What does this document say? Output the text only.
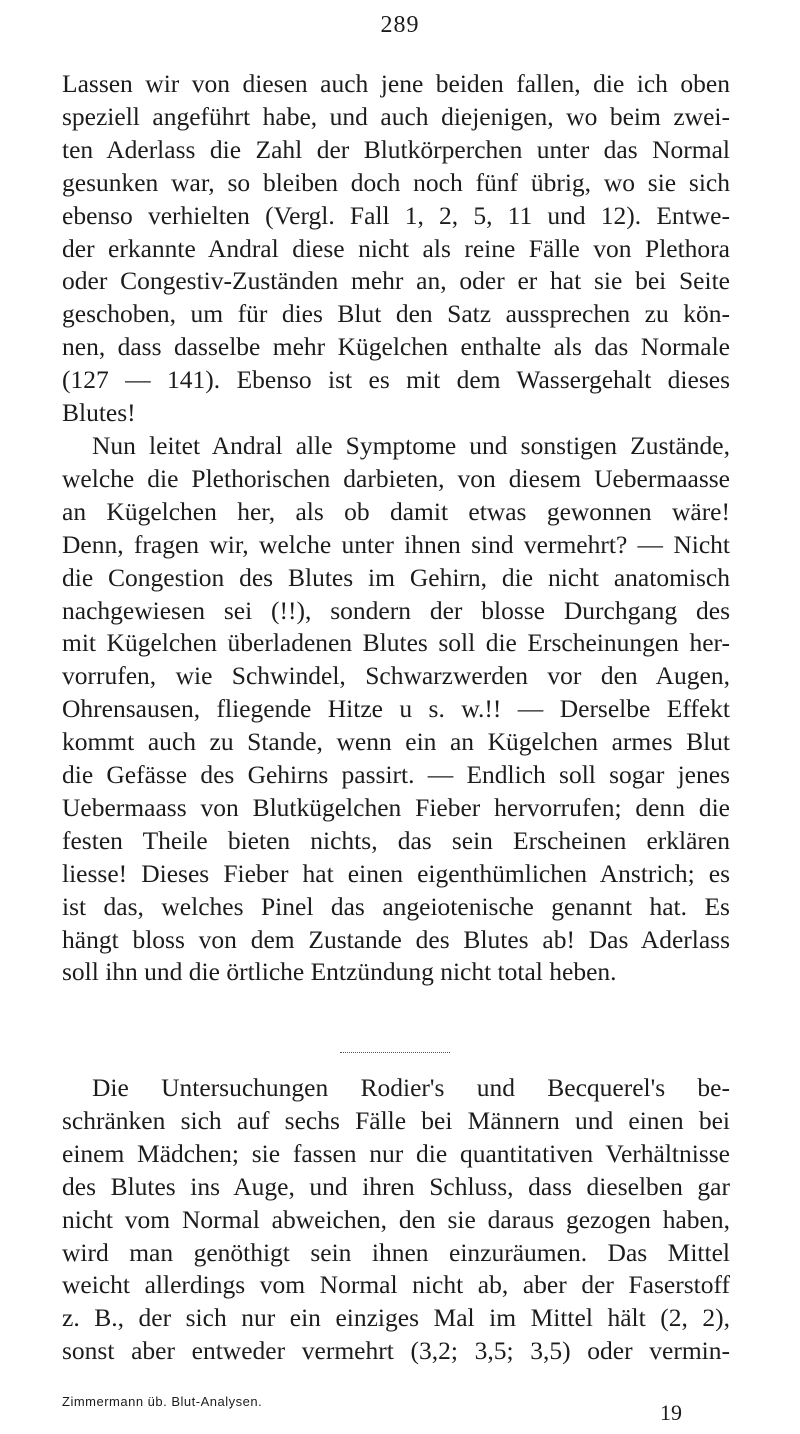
289
Lassen wir von diesen auch jene beiden fallen, die ich oben
speziell angeführt habe, und auch diejenigen, wo beim zwei-
ten Aderlass die Zahl der Blutkörperchen unter das Normal
gesunken war, so bleiben doch noch fünf übrig, wo sie sich
ebenso verhielten (Vergl. Fall 1, 2, 5, 11 und 12). Entwe-
der erkannte Andral diese nicht als reine Fälle von Plethora
oder Congestiv-Zuständen mehr an, oder er hat sie bei Seite
geschoben, um für dies Blut den Satz aussprechen zu kön-
nen, dass dasselbe mehr Kügelchen enthalte als das Normale
(127 — 141). Ebenso ist es mit dem Wassergehalt dieses
Blutes!
Nun leitet Andral alle Symptome und sonstigen Zustände,
welche die Plethorischen darbieten, von diesem Uebermaasse
an Kügelchen her, als ob damit etwas gewonnen wäre!
Denn, fragen wir, welche unter ihnen sind vermehrt? — Nicht
die Congestion des Blutes im Gehirn, die nicht anatomisch
nachgewiesen sei (!!), sondern der blosse Durchgang des
mit Kügelchen überladenen Blutes soll die Erscheinungen her-
vorrufen, wie Schwindel, Schwarzwerden vor den Augen,
Ohrensausen, fliegende Hitze u s. w.!! — Derselbe Effekt
kommt auch zu Stande, wenn ein an Kügelchen armes Blut
die Gefässe des Gehirns passirt. — Endlich soll sogar jenes
Uebermaass von Blutkügelchen Fieber hervorrufen; denn die
festen Theile bieten nichts, das sein Erscheinen erklären
liesse! Dieses Fieber hat einen eigenthümlichen Anstrich; es
ist das, welches Pinel das angeiotenische genannt hat. Es
hängt bloss von dem Zustande des Blutes ab! Das Aderlass
soll ihn und die örtliche Entzündung nicht total heben.
Die Untersuchungen Rodier's und Becquerel's be-
schränken sich auf sechs Fälle bei Männern und einen bei
einem Mädchen; sie fassen nur die quantitativen Verhältnisse
des Blutes ins Auge, und ihren Schluss, dass dieselben gar
nicht vom Normal abweichen, den sie daraus gezogen haben,
wird man genöthigt sein ihnen einzuräumen. Das Mittel
weicht allerdings vom Normal nicht ab, aber der Faserstoff
z. B., der sich nur ein einziges Mal im Mittel hält (2, 2),
sonst aber entweder vermehrt (3,2; 3,5; 3,5) oder vermin-
Zimmermann üb. Blut-Analysen.	19
